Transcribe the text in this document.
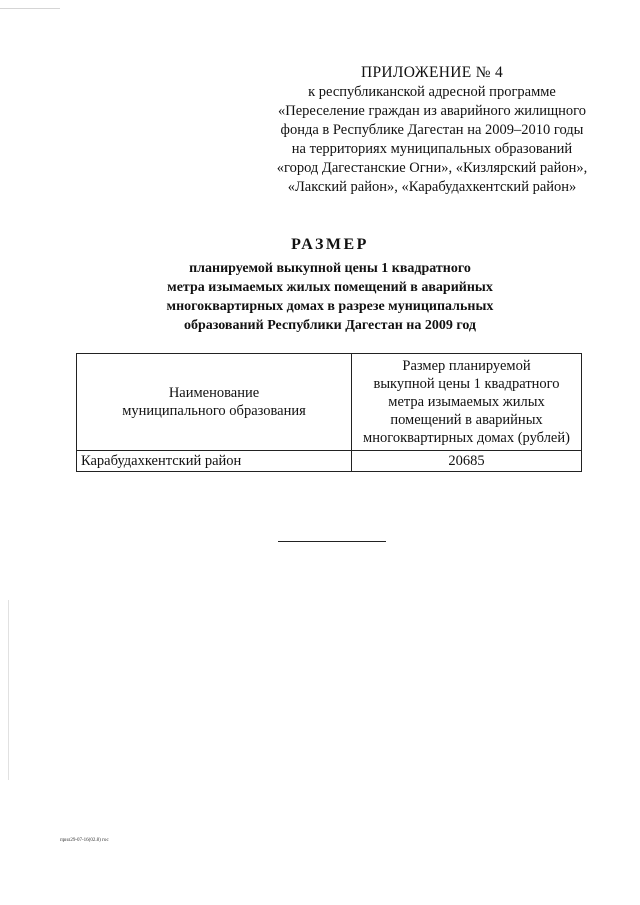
ПРИЛОЖЕНИЕ № 4
к республиканской адресной программе
«Переселение граждан из аварийного жилищного
фонда в Республике Дагестан на 2009–2010 годы
на территориях муниципальных образований
«город Дагестанские Огни», «Кизлярский район»,
«Лакский район», «Карабудахкентский район»
РАЗМЕР
планируемой выкупной цены 1 квадратного
метра изымаемых жилых помещений в аварийных
многоквартирных домах в разрезе муниципальных
образований Республики Дагестан на 2009 год
Наименование
муниципального образования	Размер планируемой
выкупной цены 1 квадратного
метра изымаемых жилых
помещений в аварийных
многоквартирных домах (рублей)

Карабудахкентский район	20685
прил29-07-16(02.8) гос
